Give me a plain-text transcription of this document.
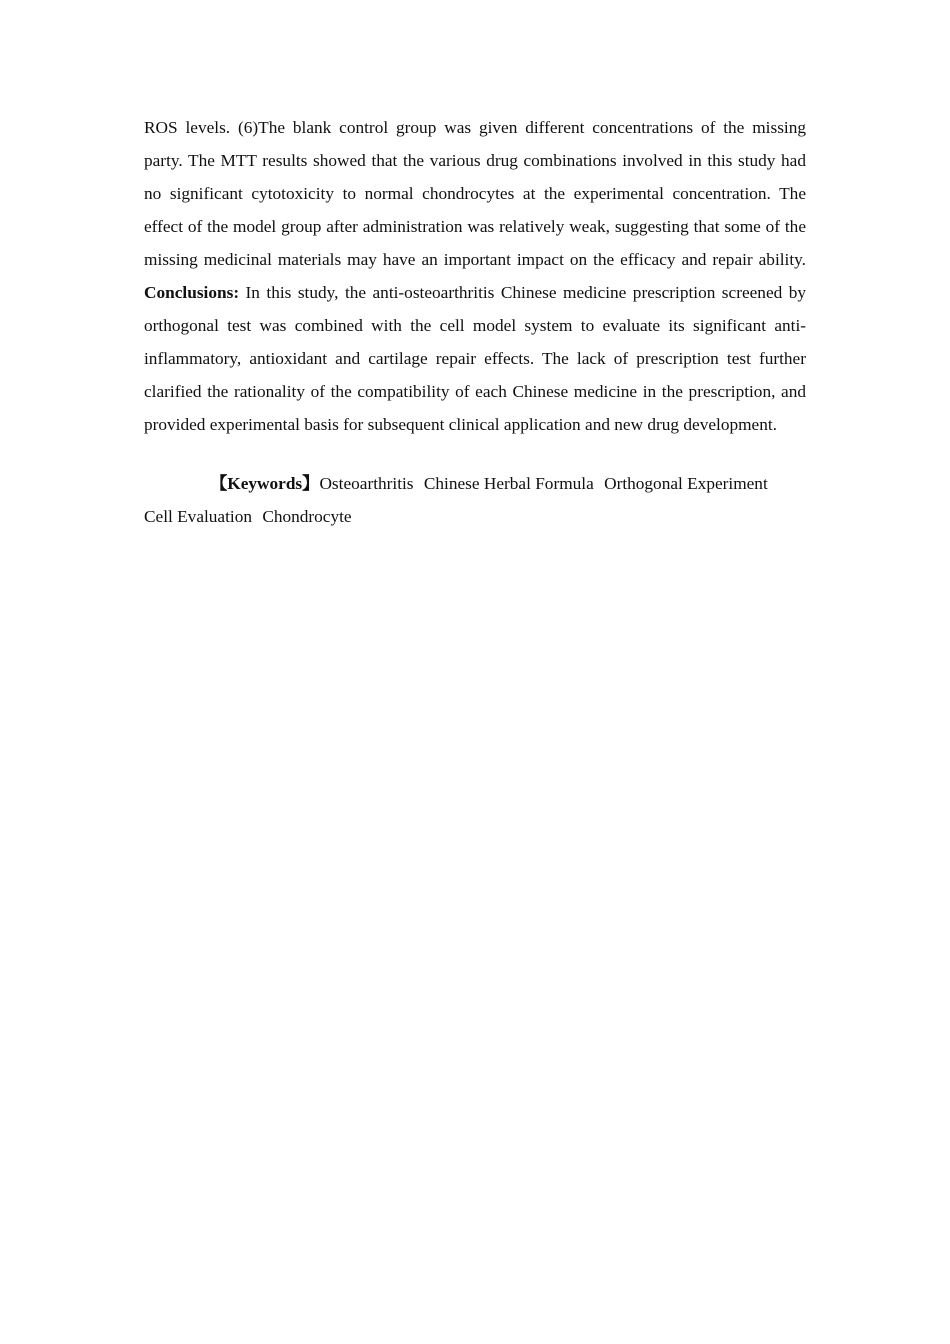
ROS levels. (6)The blank control group was given different concentrations of the missing party. The MTT results showed that the various drug combinations involved in this study had no significant cytotoxicity to normal chondrocytes at the experimental concentration. The effect of the model group after administration was relatively weak, suggesting that some of the missing medicinal materials may have an important impact on the efficacy and repair ability. Conclusions: In this study, the anti-osteoarthritis Chinese medicine prescription screened by orthogonal test was combined with the cell model system to evaluate its significant anti-inflammatory, antioxidant and cartilage repair effects. The lack of prescription test further clarified the rationality of the compatibility of each Chinese medicine in the prescription, and provided experimental basis for subsequent clinical application and new drug development.

【Keywords】Osteoarthritis Chinese Herbal Formula Orthogonal Experiment Cell Evaluation Chondrocyte
